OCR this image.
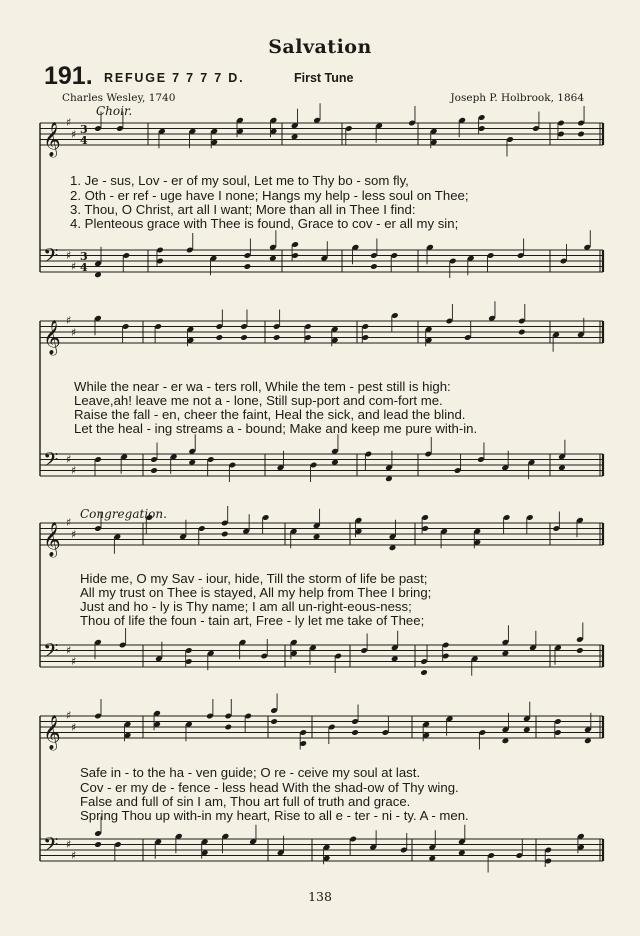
𝄞 ♯
♯ 3
4
𝄢 ♯
♯
3
4
𝄞 ♯
♯
𝄢 ♯
♯
𝄞 ♯
♯
𝄢 ♯
♯
𝄞 ♯
♯
𝄢 ♯
♯
Salvation
191. REFUGE 7 7 7 7 D.	First Tune
Charles Wesley, 1740	Joseph P. Holbrook, 1864
Choir.
Congregation.
1. Je - sus, Lov - er of my soul, Let me to Thy bo - som fly,
2. Oth - er ref - uge have I none; Hangs my help - less soul on Thee;
3. Thou, O Christ, art all I want; More than all in Thee I find:
4. Plenteous grace with Thee is found, Grace to cov - er all my sin;
While the near - er wa - ters roll, While the tem - pest still is high:
Leave,ah! leave me not a - lone, Still sup-port and com-fort me.
Raise the fall - en, cheer the faint, Heal the sick, and lead the blind.
Let the heal - ing streams a - bound; Make and keep me pure with-in.
Hide me, O my Sav - iour, hide, Till the storm of life be past;
All my trust on Thee is stayed, All my help from Thee I bring;
Just and ho - ly is Thy name; I am all un-right-eous-ness;
Thou of life the foun - tain art, Free - ly let me take of Thee;
Safe in - to the ha - ven guide; O re - ceive my soul at last.
Cov - er my de - fence - less head With the shad-ow of Thy wing.
False and full of sin I am, Thou art full of truth and grace.
Spring Thou up with-in my heart, Rise to all e - ter - ni - ty. A - men.
138
